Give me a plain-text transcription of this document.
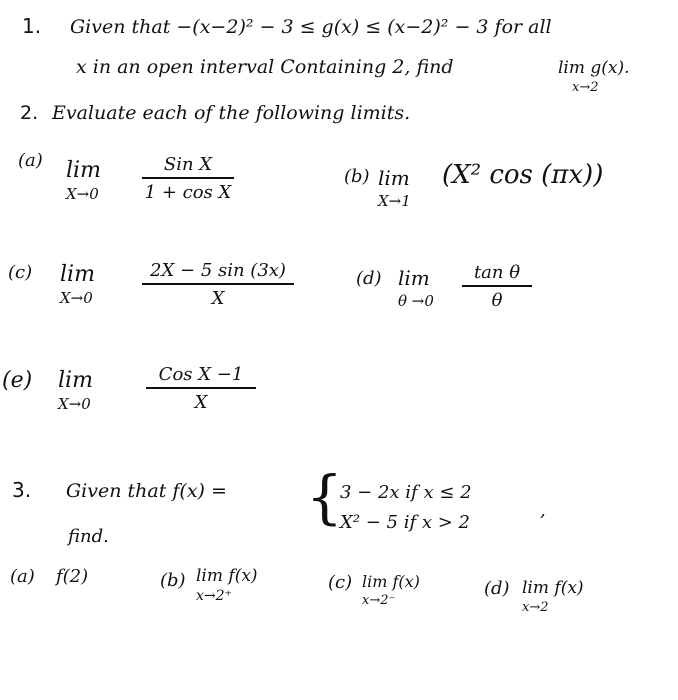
1. Given that −(x−2)² − 3 ≤ g(x) ≤ (x−2)² − 3 for all
x in an open interval Containing 2, find	lim g(x).
x→2
2. Evaluate each of the following limits.
(a) lim
X→0
Sin X
1 + cos X
(b) lim
X→1
(X² cos (πx))
(c) lim
X→0
2X − 5 sin (3x)
X
(d) lim
θ →0
tan θ
θ
(e) lim
X→0
Cos X −1
X
3. Given that f(x) = {
3 − 2x if x ≤ 2
X² − 5 if x > 2
,
find.
(a) f(2)	(b) lim f(x)
x→2⁺
(c) lim f(x)
x→2⁻
(d) lim f(x)
x→2
